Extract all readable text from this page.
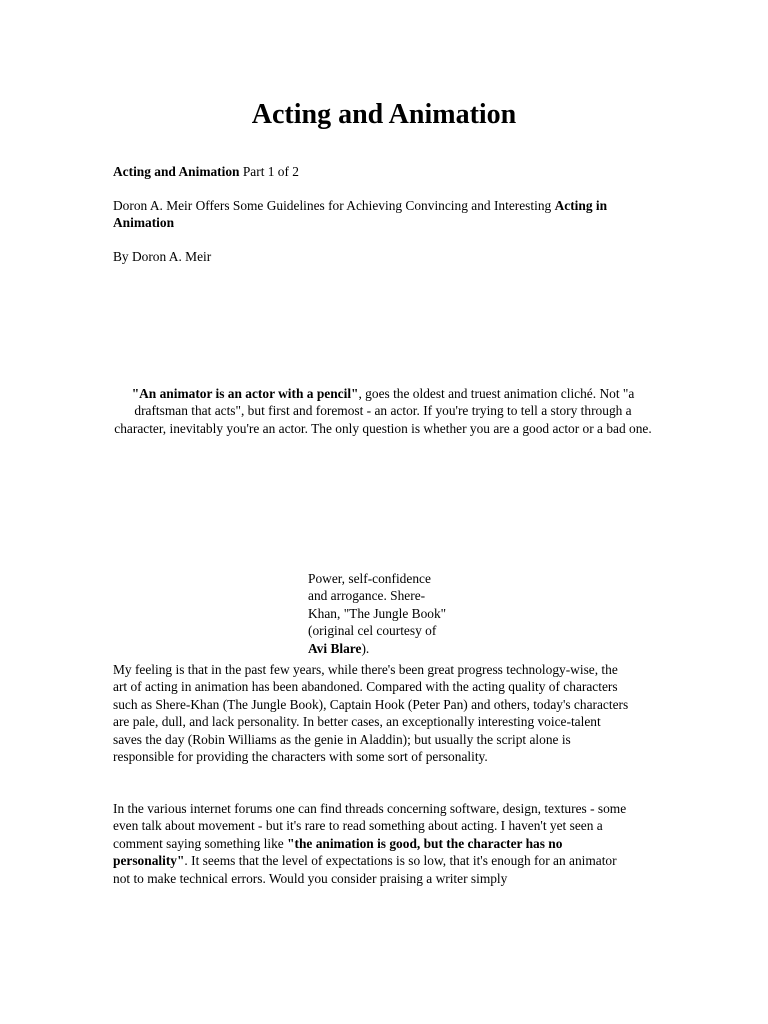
Acting and Animation

Acting and Animation Part 1 of 2

Doron A. Meir Offers Some Guidelines for Achieving Convincing and Interesting Acting in Animation

By Doron A. Meir

"An animator is an actor with a pencil", goes the oldest and truest animation cliché. Not "a draftsman that acts", but first and foremost - an actor. If you're trying to tell a story through a character, inevitably you're an actor. The only question is whether you are a good actor or a bad one.

Power, self-confidence and arrogance. Shere-Khan, "The Jungle Book" (original cel courtesy of Avi Blare).

My feeling is that in the past few years, while there's been great progress technology-wise, the art of acting in animation has been abandoned. Compared with the acting quality of characters such as Shere-Khan (The Jungle Book), Captain Hook (Peter Pan) and others, today's characters are pale, dull, and lack personality. In better cases, an exceptionally interesting voice-talent saves the day (Robin Williams as the genie in Aladdin); but usually the script alone is responsible for providing the characters with some sort of personality.

In the various internet forums one can find threads concerning software, design, textures - some even talk about movement - but it's rare to read something about acting. I haven't yet seen a comment saying something like "the animation is good, but the character has no personality". It seems that the level of expectations is so low, that it's enough for an animator not to make technical errors. Would you consider praising a writer simply
